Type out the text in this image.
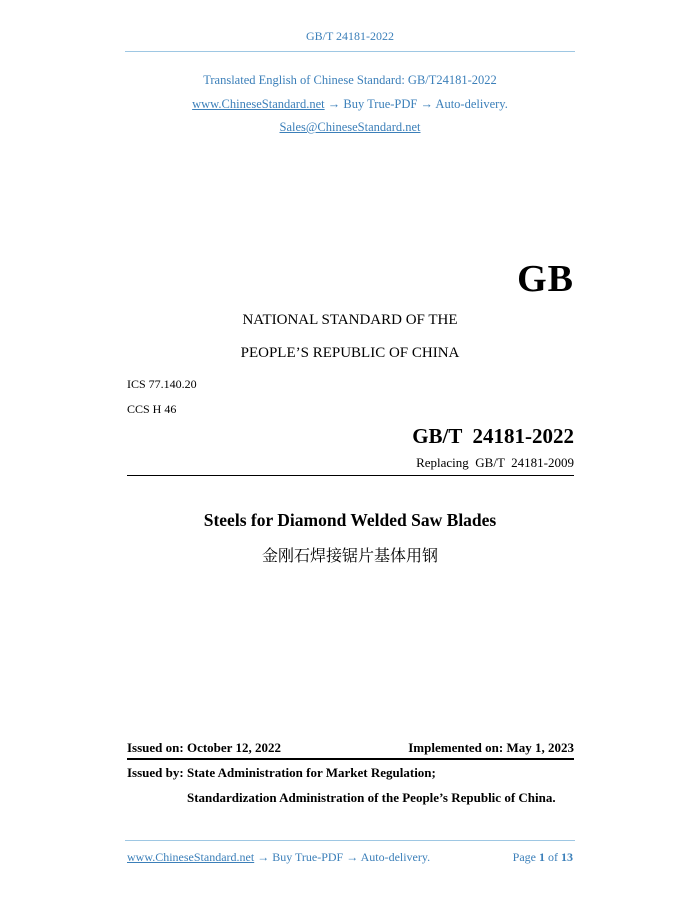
GB/T 24181-2022
Translated English of Chinese Standard: GB/T24181-2022
www.ChineseStandard.net → Buy True-PDF → Auto-delivery.
Sales@ChineseStandard.net
GB
NATIONAL STANDARD OF THE
PEOPLE’S REPUBLIC OF CHINA
ICS 77.140.20
CCS H 46
GB/T  24181-2022
Replacing  GB/T  24181-2009
Steels for Diamond Welded Saw Blades
金刚石焊接锯片基体用钢
Issued on: October 12, 2022	Implemented on: May 1, 2023
Issued by: State Administration for Market Regulation;
Standardization Administration of the People’s Republic of China.
www.ChineseStandard.net → Buy True-PDF → Auto-delivery.	Page 1 of 13
